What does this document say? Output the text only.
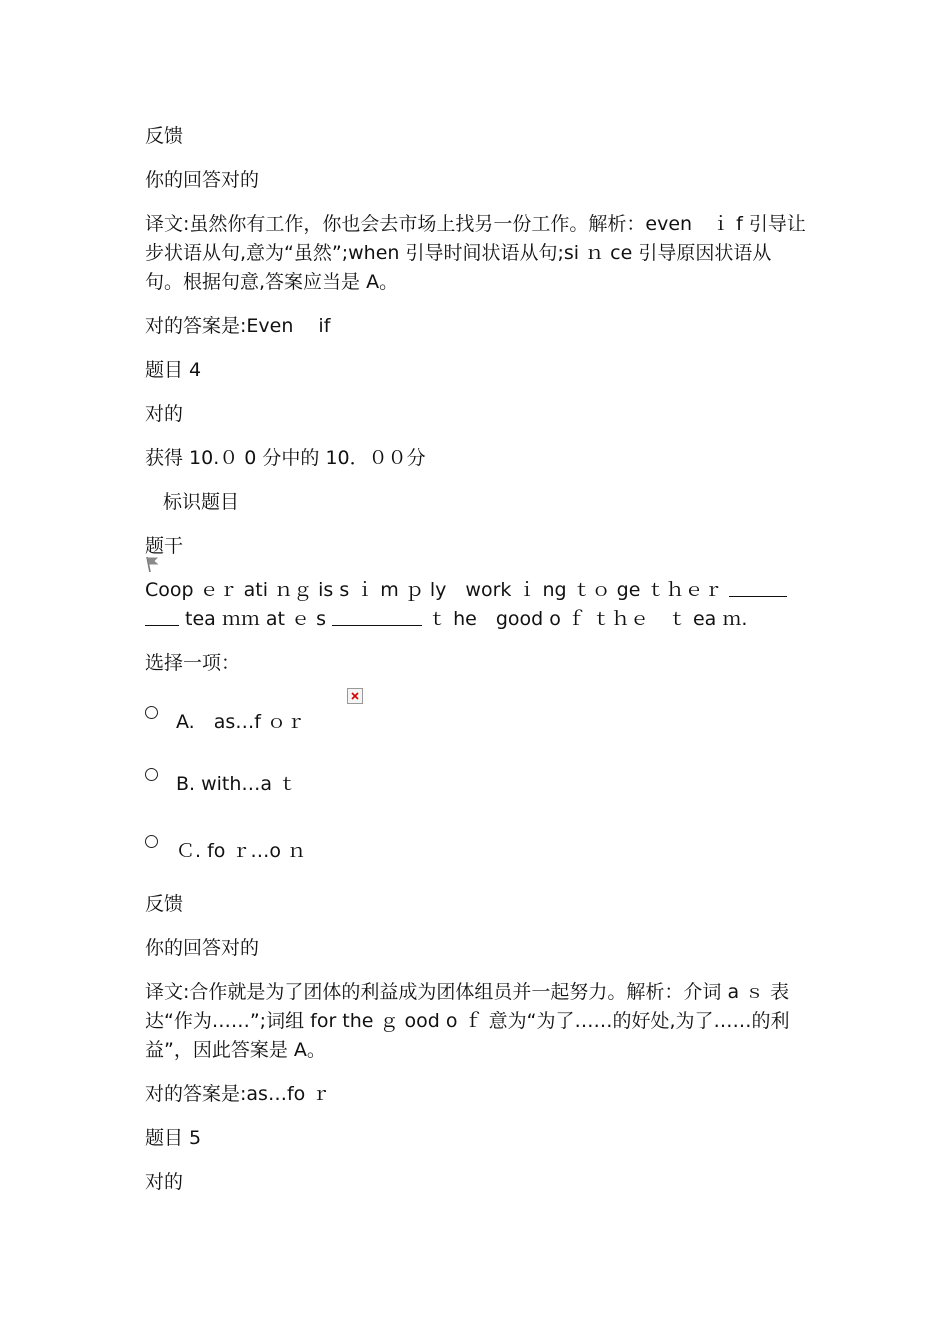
反馈
你的回答对的
译文:虽然你有工作，你也会去市场上找另一份工作。解析：even　ｉ f 引导让步状语从句,意为“虽然”;when 引导时间状语从句;si ｎ ce 引导原因状语从句。根据句意,答案应当是 A。
对的答案是:Even　 if
题目 4
对的
获得 10.０ 0 分中的 10．００分

标识题目
题干
Coop ｅｒ ati ｎｇ is s ｉ m ｐ ly　work ｉ ng ｔｏ ge ｔｈｅｒ  tea ｍｍ at ｅ s	ｔ he　good o ｆ ｔｈｅ　ｔ ea ｍ.
选择一项：

A.　as…f ｏｒ

B. with…a ｔ

Ｃ. fo ｒ…o ｎ

反馈
你的回答对的
译文:合作就是为了团体的利益成为团体组员并一起努力。解析：介词 a ｓ 表达“作为……”;词组 for the ｇ ood o ｆ 意为“为了……的好处,为了……的利益”，因此答案是 A。
对的答案是:as…fo ｒ
题目 5
对的
